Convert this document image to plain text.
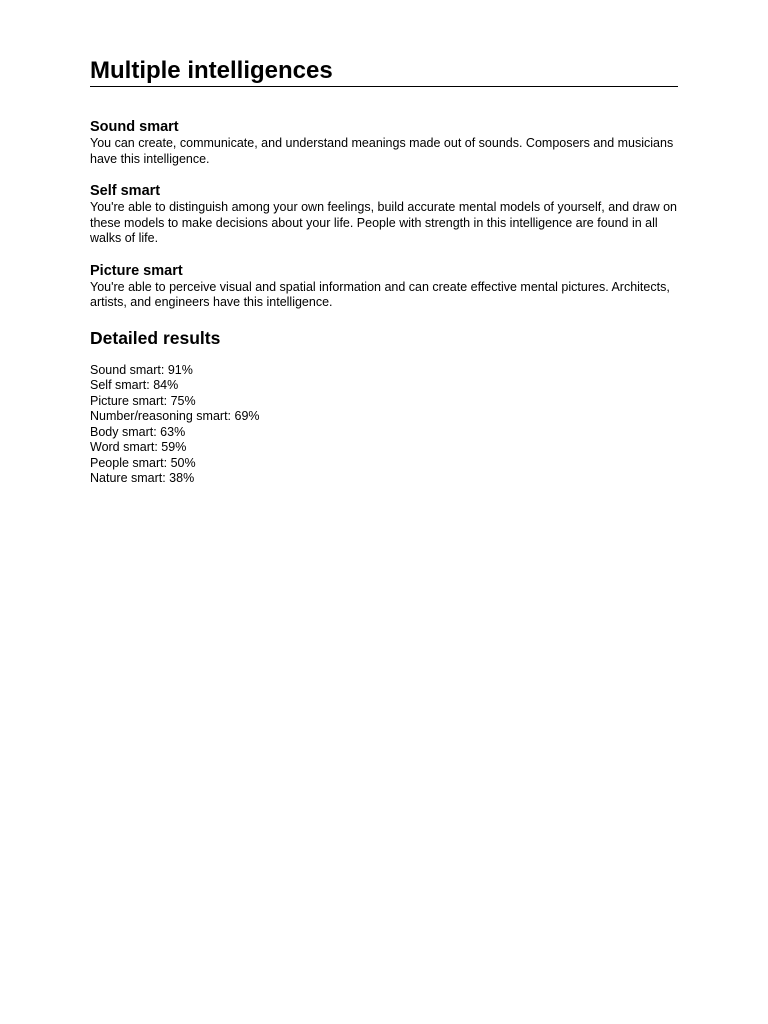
Multiple intelligences
Sound smart

You can create, communicate, and understand meanings made out of sounds. Composers and musicians have this intelligence.

Self smart

You're able to distinguish among your own feelings, build accurate mental models of yourself, and draw on these models to make decisions about your life. People with strength in this intelligence are found in all walks of life.

Picture smart

You're able to perceive visual and spatial information and can create effective mental pictures. Architects, artists, and engineers have this intelligence.

Detailed results
Sound smart: 91%
Self smart: 84%
Picture smart: 75%
Number/reasoning smart: 69%
Body smart: 63%
Word smart: 59%
People smart: 50%
Nature smart: 38%
